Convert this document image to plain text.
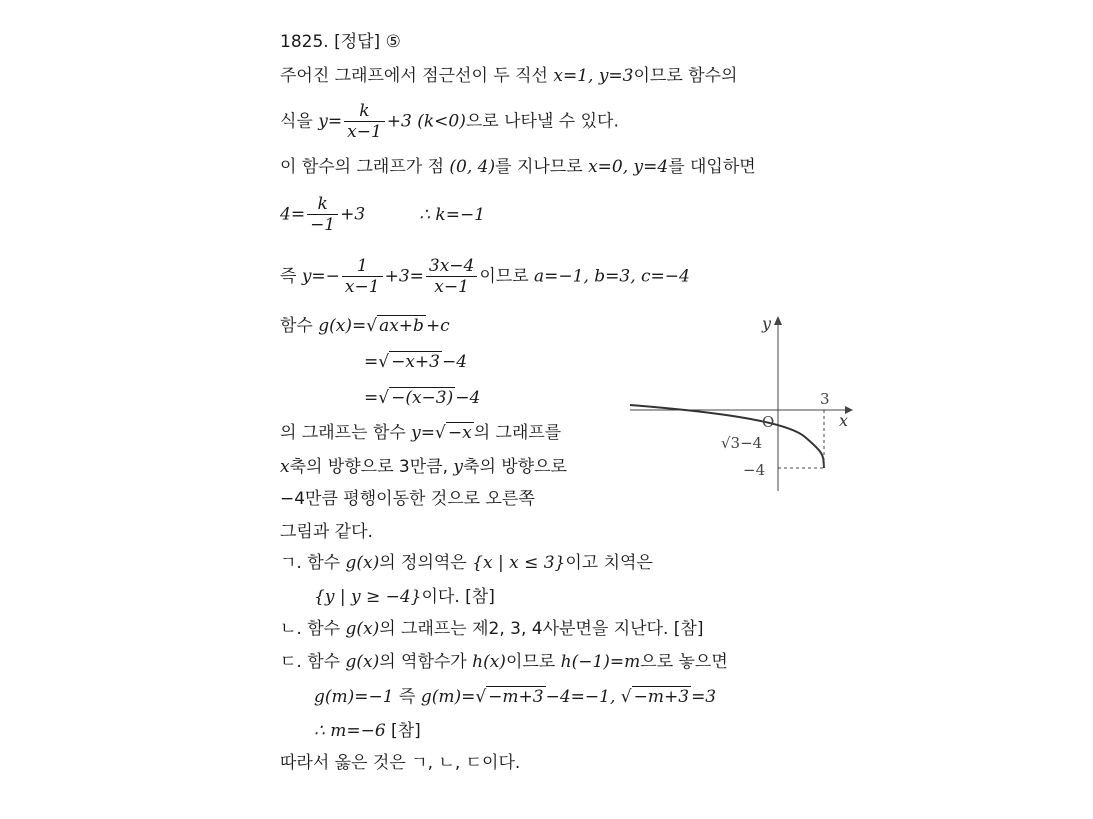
1825. [정답] ⑤
주어진 그래프에서 점근선이 두 직선 x=1, y=3이므로 함수의
식을 $y= \frac{k}{x-1} +3$ (k<0)으로 나타낼 수 있다.
이 함수의 그래프가 점 (0, 4)를 지나므로 x=0, y=4를 대입하면
$4= \frac{k}{-1} +3$	∴ k=−1
즉 $y=- \frac{1}{x-1} +3= \frac{3x-4}{x-1}$ 이므로 a=−1, b=3, c=−4
함수 g(x)=√ ax+b +c
=√ −x+3 −4
=√ −(x−3) −4
의 그래프는 함수 y=√ −x 의 그래프를
x축의 방향으로 3만큼, y축의 방향으로
−4만큼 평행이동한 것으로 오른쪽
그림과 같다.
ㄱ. 함수 g(x)의 정의역은 {x | x ≤ 3}이고 치역은
{y | y ≥ −4}이다. [참]
ㄴ. 함수 g(x)의 그래프는 제2, 3, 4사분면을 지난다. [참]
ㄷ. 함수 g(x)의 역함수가 h(x)이므로 h(−1)=m으로 놓으면
g(m)=−1 즉 g(m)=√ −m+3 −4=−1, √ −m+3 =3
∴ m=−6 [참]
따라서 옳은 것은 ㄱ, ㄴ, ㄷ이다.
y
x
O
3
√3−4
−4
